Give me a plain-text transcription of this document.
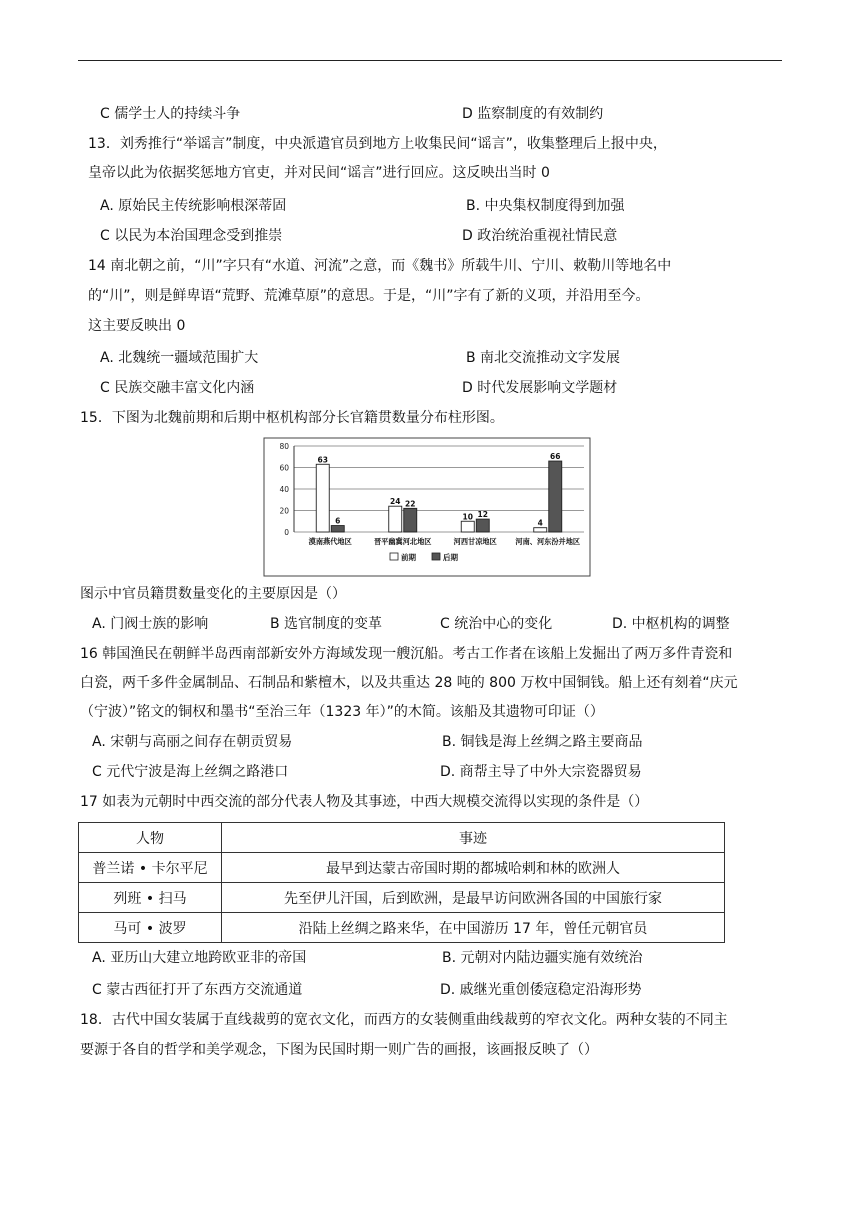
C 儒学士人的持续斗争	D 监察制度的有效制约
13．刘秀推行“举谣言”制度，中央派遣官员到地方上收集民间“谣言”，收集整理后上报中央，
皇帝以此为依据奖惩地方官吏，并对民间“谣言”进行回应。这反映出当时 0
A. 原始民主传统影响根深蒂固	B. 中央集权制度得到加强
C 以民为本治国理念受到推崇	D 政治统治重视社情民意
14 南北朝之前，“川”字只有“水道、河流”之意，而《魏书》所载牛川、宁川、敕勒川等地名中
的“川”，则是鲜卑语“荒野、荒滩草原”的意思。于是，“川”字有了新的义项，并沿用至今。
这主要反映出 0
A. 北魏统一疆域范围扩大	B 南北交流推动文字发展
C 民族交融丰富文化内涵	D 时代发展影响文学题材
15．下图为北魏前期和后期中枢机构部分长官籍贯数量分布柱形图。
0
20
40
60
80
63
6
漠南燕代地区
24 22
晋平幽冀河北地区
10 12
河西甘凉地区
4
66
河南、河东汾并地区
前期	后期
图示中官员籍贯数量变化的主要原因是（）
A. 门阀士族的影响	B 选官制度的变革	C 统治中心的变化	D. 中枢机构的调整
16 韩国渔民在朝鲜半岛西南部新安外方海域发现一艘沉船。考古工作者在该船上发掘出了两万多件青瓷和
白瓷，两千多件金属制品、石制品和紫檀木，以及共重达 28 吨的 800 万枚中国铜钱。船上还有刻着“庆元
（宁波）”铭文的铜权和墨书“至治三年（1323 年）”的木简。该船及其遗物可印证（）
A. 宋朝与高丽之间存在朝贡贸易	B. 铜钱是海上丝绸之路主要商品
C 元代宁波是海上丝绸之路港口	D. 商帮主导了中外大宗瓷器贸易
17 如表为元朝时中西交流的部分代表人物及其事迹，中西大规模交流得以实现的条件是（）
人物	事迹
普兰诺 • 卡尔平尼	最早到达蒙古帝国时期的都城哈剌和林的欧洲人
列班 • 扫马	先至伊儿汗国，后到欧洲，是最早访问欧洲各国的中国旅行家
马可 • 波罗	沿陆上丝绸之路来华，在中国游历 17 年，曾任元朝官员
A. 亚历山大建立地跨欧亚非的帝国	B. 元朝对内陆边疆实施有效统治
C 蒙古西征打开了东西方交流通道	D. 戚继光重创倭寇稳定沿海形势
18．古代中国女装属于直线裁剪的宽衣文化，而西方的女装侧重曲线裁剪的窄衣文化。两种女装的不同主
要源于各自的哲学和美学观念，下图为民国时期一则广告的画报，该画报反映了（）
